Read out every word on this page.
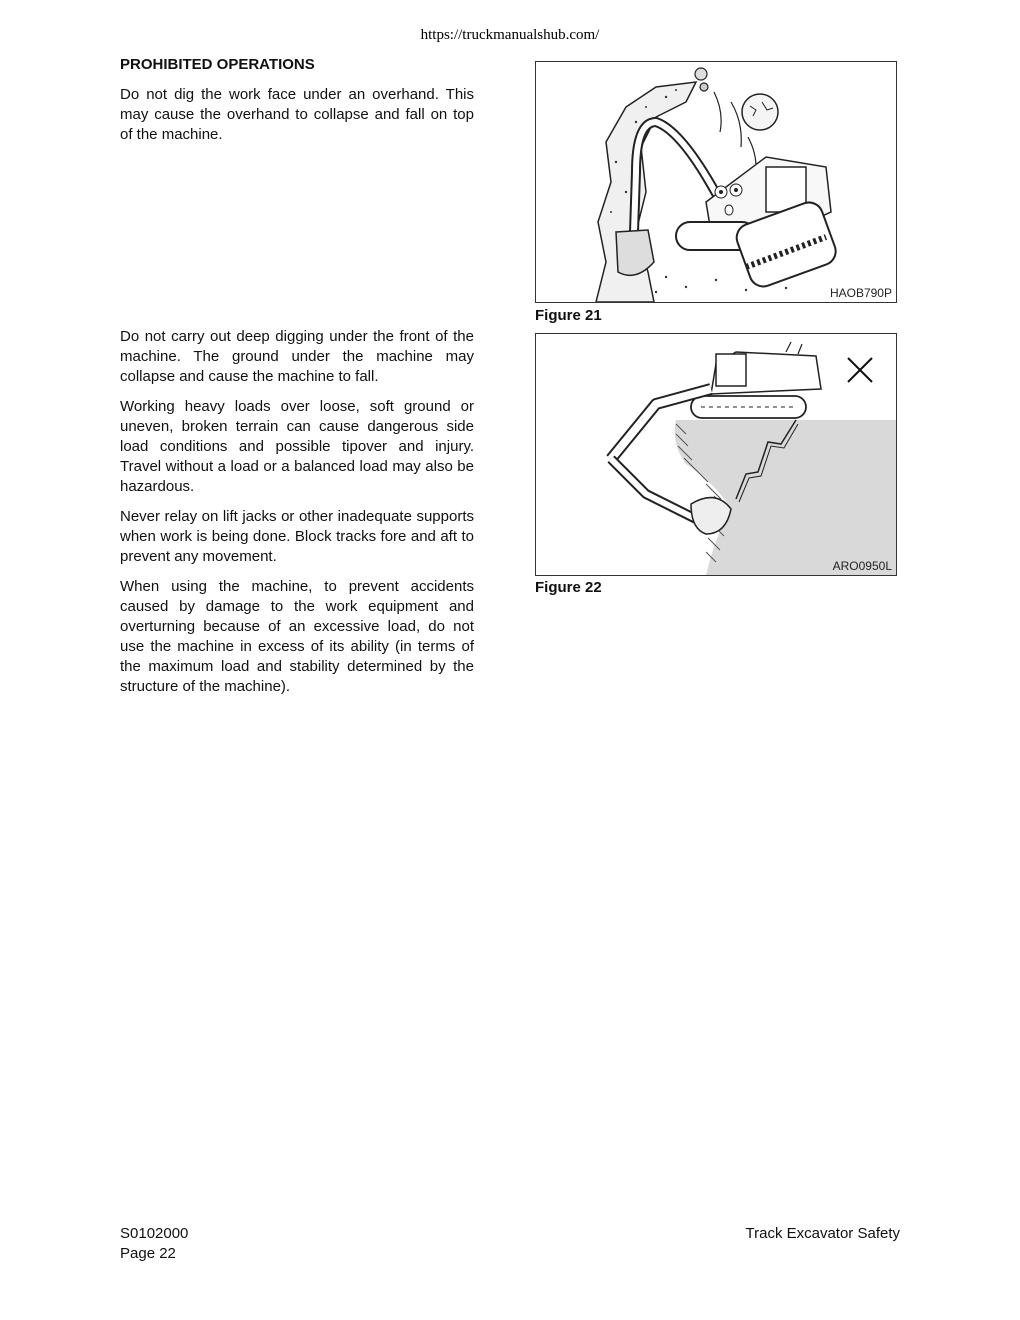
https://truckmanualshub.com/
PROHIBITED OPERATIONS

Do not dig the work face under an overhand. This may cause the overhand to collapse and fall on top of the machine.

Do not carry out deep digging under the front of the machine. The ground under the machine may collapse and cause the machine to fall.

Working heavy loads over loose, soft ground or uneven, broken terrain can cause dangerous side load conditions and possible tipover and injury. Travel without a load or a balanced load may also be hazardous.

Never relay on lift jacks or other inadequate supports when work is being done. Block tracks fore and aft to prevent any movement.

When using the machine, to prevent accidents caused by damage to the work equipment and overturning because of an excessive load, do not use the machine in excess of its ability (in terms of the maximum load and stability determined by the structure of the machine).

HAOB790P
Figure 21
ARO0950L
Figure 22
S0102000
Page 22
Track Excavator Safety
